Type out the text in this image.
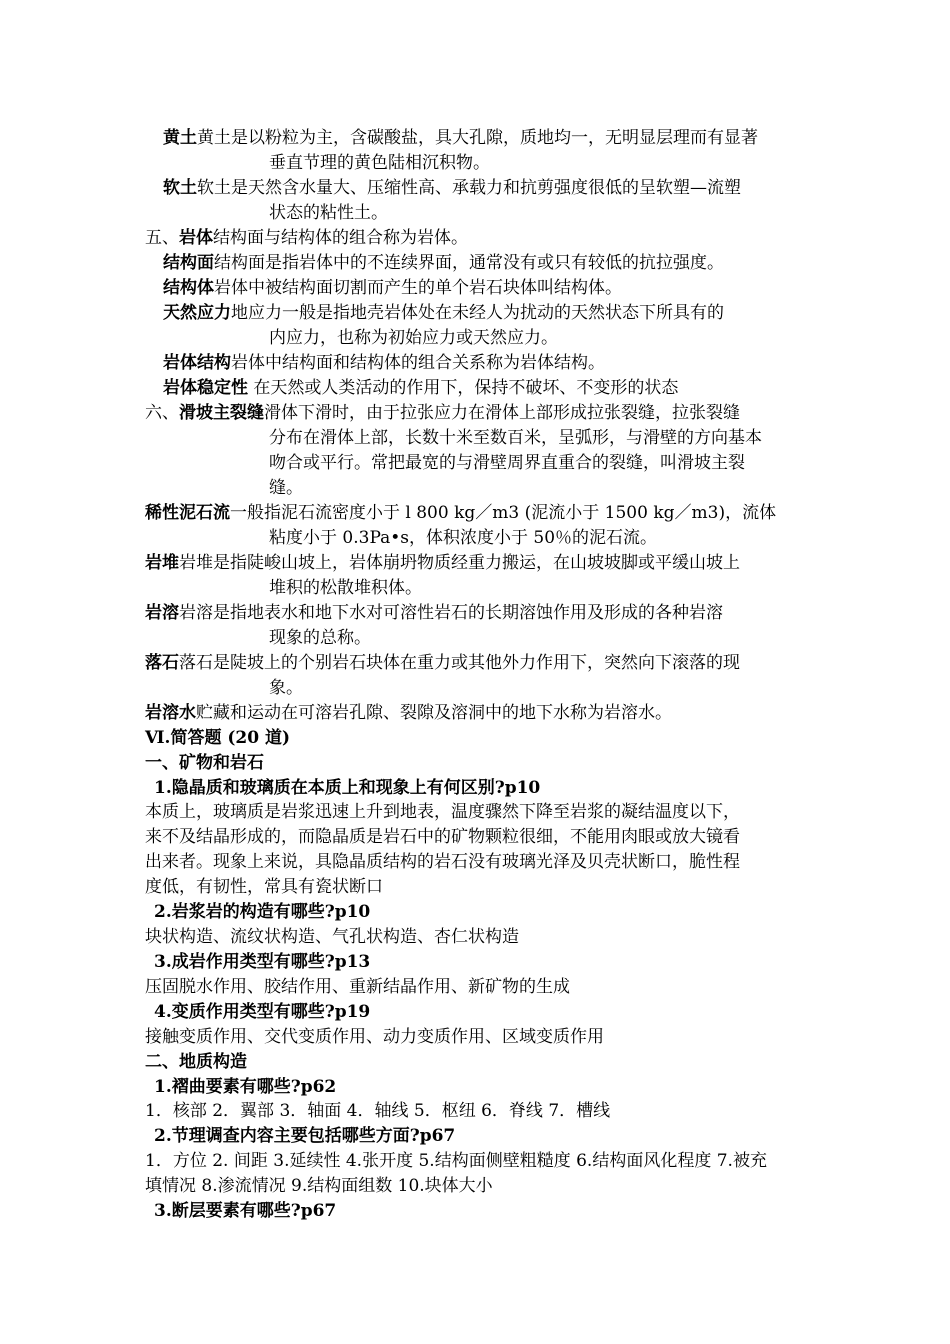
黄土黄土是以粉粒为主，含碳酸盐，具大孔隙，质地均一，无明显层理而有显著
垂直节理的黄色陆相沉积物。
软土软土是天然含水量大、压缩性高、承载力和抗剪强度很低的呈软塑—流塑
状态的粘性土。
五、岩体结构面与结构体的组合称为岩体。
结构面结构面是指岩体中的不连续界面，通常没有或只有较低的抗拉强度。
结构体岩体中被结构面切割而产生的单个岩石块体叫结构体。
天然应力地应力一般是指地壳岩体处在未经人为扰动的天然状态下所具有的
内应力，也称为初始应力或天然应力。
岩体结构岩体中结构面和结构体的组合关系称为岩体结构。
岩体稳定性 在天然或人类活动的作用下，保持不破坏、不变形的状态
六、滑坡主裂缝滑体下滑时，由于拉张应力在滑体上部形成拉张裂缝，拉张裂缝
分布在滑体上部，长数十米至数百米，呈弧形，与滑壁的方向基本
吻合或平行。常把最宽的与滑壁周界直重合的裂缝，叫滑坡主裂
缝。
稀性泥石流一般指泥石流密度小于 l 800 kg／m3 (泥流小于 1500 kg／m3)，流体
粘度小于 0.3Pa•s，体积浓度小于 50％的泥石流。
岩堆岩堆是指陡峻山坡上，岩体崩坍物质经重力搬运，在山坡坡脚或平缓山坡上
堆积的松散堆积体。
岩溶岩溶是指地表水和地下水对可溶性岩石的长期溶蚀作用及形成的各种岩溶
现象的总称。
落石落石是陡坡上的个别岩石块体在重力或其他外力作用下，突然向下滚落的现
象。
岩溶水贮藏和运动在可溶岩孔隙、裂隙及溶洞中的地下水称为岩溶水。
Ⅵ.简答题 (20 道)
一、矿物和岩石
1.隐晶质和玻璃质在本质上和现象上有何区别?p10
本质上，玻璃质是岩浆迅速上升到地表，温度骤然下降至岩浆的凝结温度以下，
来不及结晶形成的，而隐晶质是岩石中的矿物颗粒很细，不能用肉眼或放大镜看
出来者。现象上来说，具隐晶质结构的岩石没有玻璃光泽及贝壳状断口，脆性程
度低，有韧性，常具有瓷状断口
2.岩浆岩的构造有哪些?p10
块状构造、流纹状构造、气孔状构造、杏仁状构造
3.成岩作用类型有哪些?p13
压固脱水作用、胶结作用、重新结晶作用、新矿物的生成
4.变质作用类型有哪些?p19
接触变质作用、交代变质作用、动力变质作用、区域变质作用
二、地质构造
1.褶曲要素有哪些?p62
1．核部 2．翼部 3．轴面 4．轴线 5．枢纽 6．脊线 7．槽线
2.节理调查内容主要包括哪些方面?p67
1．方位 2. 间距 3.延续性 4.张开度 5.结构面侧壁粗糙度 6.结构面风化程度 7.被充
填情况 8.渗流情况 9.结构面组数 10.块体大小
3.断层要素有哪些?p67
